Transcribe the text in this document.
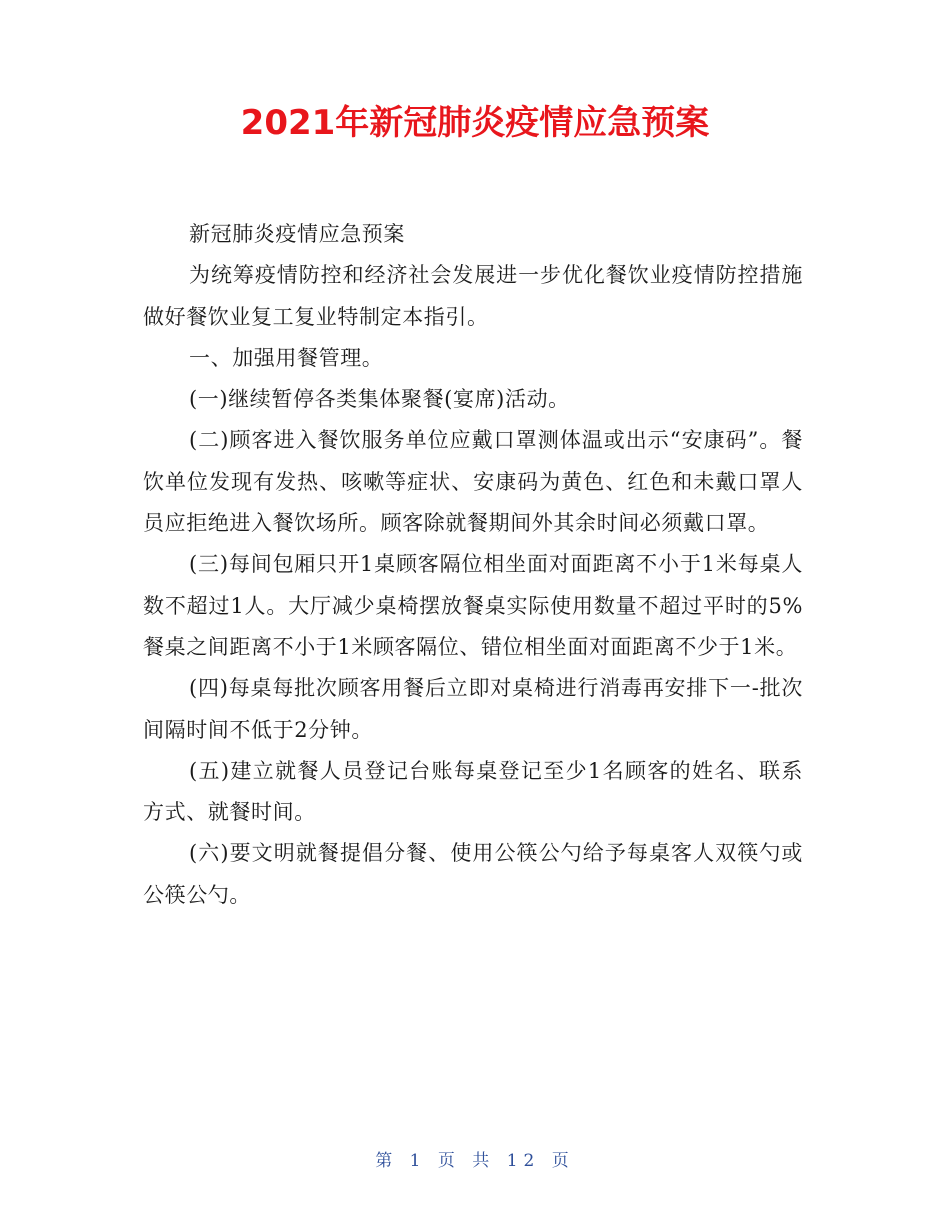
2021年新冠肺炎疫情应急预案

新冠肺炎疫情应急预案

为统筹疫情防控和经济社会发展进一步优化餐饮业疫情防控措施做好餐饮业复工复业特制定本指引。

一、加强用餐管理。

(一)继续暂停各类集体聚餐(宴席)活动。

(二)顾客进入餐饮服务单位应戴口罩测体温或出示“安康码”。餐饮单位发现有发热、咳嗽等症状、安康码为黄色、红色和未戴口罩人员应拒绝进入餐饮场所。顾客除就餐期间外其余时间必须戴口罩。

(三)每间包厢只开1桌顾客隔位相坐面对面距离不小于1米每桌人数不超过1人。大厅减少桌椅摆放餐桌实际使用数量不超过平时的5%餐桌之间距离不小于1米顾客隔位、错位相坐面对面距离不少于1米。

(四)每桌每批次顾客用餐后立即对桌椅进行消毒再安排下一-批次间隔时间不低于2分钟。

(五)建立就餐人员登记台账每桌登记至少1名顾客的姓名、联系方式、就餐时间。

(六)要文明就餐提倡分餐、使用公筷公勺给予每桌客人双筷勺或公筷公勺。

第 1 页 共 12 页
